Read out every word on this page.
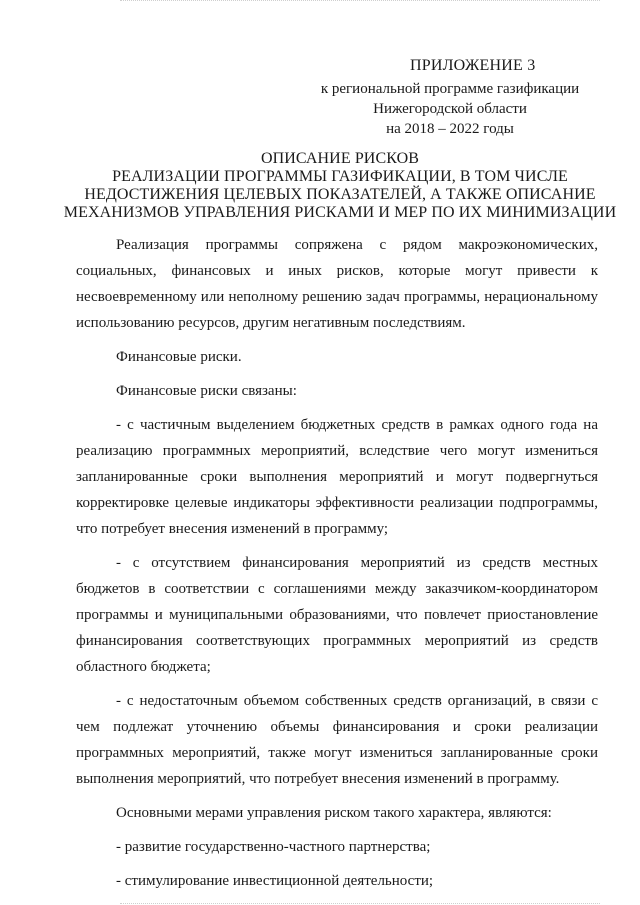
ПРИЛОЖЕНИЕ 3
к региональной программе газификации
Нижегородской области
на 2018 – 2022 годы
ОПИСАНИЕ РИСКОВ
РЕАЛИЗАЦИИ ПРОГРАММЫ ГАЗИФИКАЦИИ, В ТОМ ЧИСЛЕ
НЕДОСТИЖЕНИЯ ЦЕЛЕВЫХ ПОКАЗАТЕЛЕЙ, А ТАКЖЕ ОПИСАНИЕ
МЕХАНИЗМОВ УПРАВЛЕНИЯ РИСКАМИ И МЕР ПО ИХ МИНИМИЗАЦИИ

Реализация программы сопряжена с рядом макроэкономических, социальных, финансовых и иных рисков, которые могут привести к несвоевременному или неполному решению задач программы, нерациональному использованию ресурсов, другим негативным последствиям.

Финансовые риски.

Финансовые риски связаны:

- с частичным выделением бюджетных средств в рамках одного года на реализацию программных мероприятий, вследствие чего могут измениться запланированные сроки выполнения мероприятий и могут подвергнуться корректировке целевые индикаторы эффективности реализации подпрограммы, что потребует внесения изменений в программу;

- с отсутствием финансирования мероприятий из средств местных бюджетов в соответствии с соглашениями между заказчиком-координатором программы и муниципальными образованиями, что повлечет приостановление финансирования соответствующих программных мероприятий из средств областного бюджета;

- с недостаточным объемом собственных средств организаций, в связи с чем подлежат уточнению объемы финансирования и сроки реализации программных мероприятий, также могут измениться запланированные сроки выполнения мероприятий, что потребует внесения изменений в программу.

Основными мерами управления риском такого характера, являются:

- развитие государственно-частного партнерства;

- стимулирование инвестиционной деятельности;
